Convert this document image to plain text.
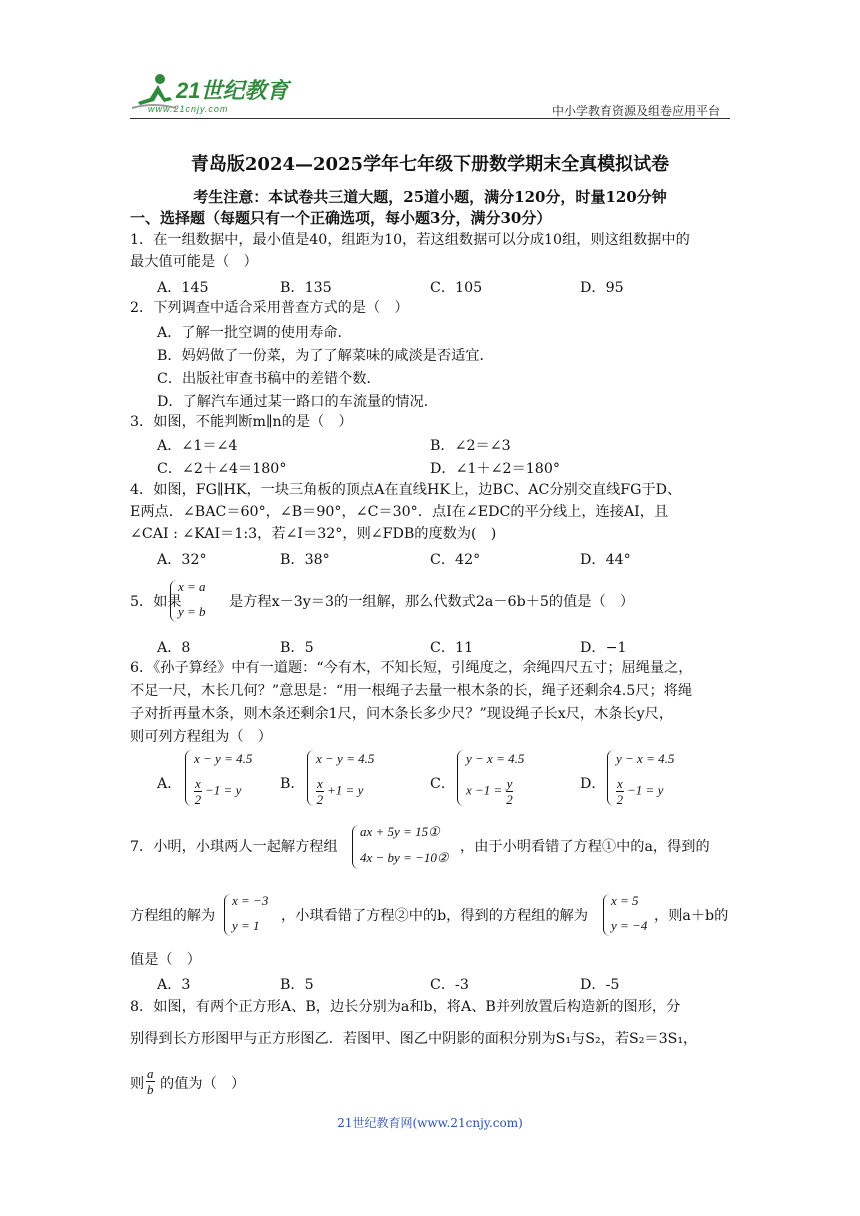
21世纪教育
www.21cnjy.com	中小学教育资源及组卷应用平台
青岛版2024—2025学年七年级下册数学期末全真模拟试卷
考生注意：本试卷共三道大题，25道小题，满分120分，时量120分钟
一、选择题（每题只有一个正确选项，每小题3分，满分30分）
1．在一组数据中，最小值是40，组距为10，若这组数据可以分成10组，则这组数据中的
最大值可能是（　）
A．145	B．135	C．105	D．95
2．下列调查中适合采用普查方式的是（　）
A．了解一批空调的使用寿命．
B．妈妈做了一份菜，为了了解菜味的咸淡是否适宜．
C．出版社审查书稿中的差错个数．
D．了解汽车通过某一路口的车流量的情况．
3．如图，不能判断m∥n的是（　）
A．∠1＝∠4	B．∠2＝∠3
C．∠2＋∠4＝180°	D．∠1＋∠2＝180°
4．如图，FG∥HK，一块三角板的顶点A在直线HK上，边BC、AC分别交直线FG于D、
E两点．∠BAC＝60°，∠B＝90°，∠C＝30°．点I在∠EDC的平分线上，连接AI，且
∠CAI : ∠KAI＝1:3，若∠I＝32°，则∠FDB的度数为(　)
A．32°	B．38°	C．42°	D．44°
5．如果
x = a
y = b
是方程x－3y＝3的一组解，那么代数式2a－6b＋5的值是（　）
A．8	B．5	C．11	D．−1
6．《孙子算经》中有一道题：“今有木，不知长短，引绳度之，余绳四尺五寸；屈绳量之，
不足一尺，木长几何？”意思是：“用一根绳子去量一根木条的长，绳子还剩余4.5尺；将绳
子对折再量木条，则木条还剩余1尺，问木条长多少尺？”现设绳子长x尺，木条长y尺，
则可列方程组为（　）
A．
x − y = 4.5
$\frac{x}{2} -1 = y$	B．
x − y = 4.5
$\frac{x}{2} +1 = y$	C．
y − x = 4.5
$x -1 = \frac{y}{2}$	D．
y − x = 4.5
$\frac{x}{2} -1 = y$
7．小明，小琪两人一起解方程组
ax + 5y = 15①
4x − by = −10②
，由于小明看错了方程①中的a，得到的
方程组的解为
x = −3
y = 1
，小琪看错了方程②中的b，得到的方程组的解为
x = 5
y = −4
，则a＋b的
值是（　）
A．3	B．5	C．-3	D．-5
8．如图，有两个正方形A、B，边长分别为a和b，将A、B并列放置后构造新的图形，分
别得到长方形图甲与正方形图乙．若图甲、图乙中阴影的面积分别为S₁与S₂，若S₂＝3S₁，
则 $\frac{a}{b}$ 的值为（　）
21世纪教育网(www.21cnjy.com)
